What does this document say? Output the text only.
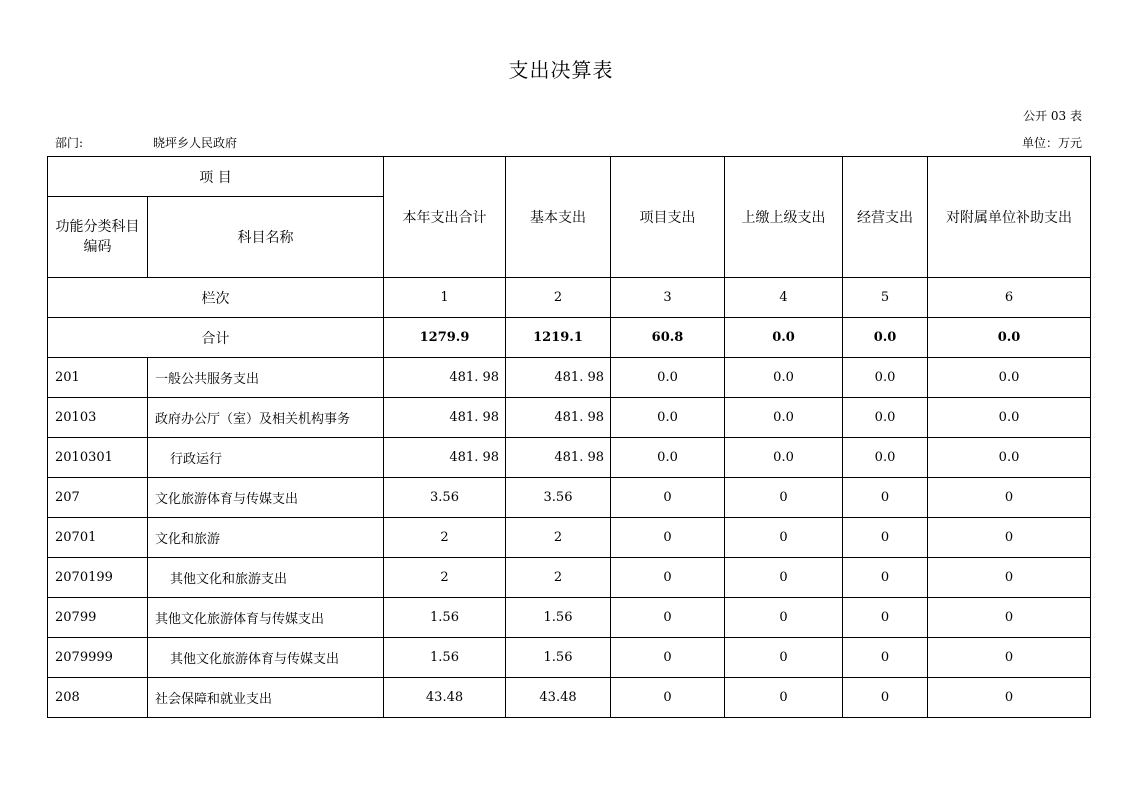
支出决算表
公开 03 表
部门:	晓坪乡人民政府	单位：万元
项 目		本年支出合计	基本支出	项目支出	上缴上级支出	经营支出	对附属单位补助支出
功能分类科目编码	科目名称						
栏次		1	2	3	4	5	6
合计		1279.9	1219.1	60.8	0.0	0.0	0.0
201	一般公共服务支出	481. 98	481. 98	0.0	0.0	0.0	0.0
20103	政府办公厅（室）及相关机构事务	481. 98	481. 98	0.0	0.0	0.0	0.0
2010301	行政运行	481. 98	481. 98	0.0	0.0	0.0	0.0
207	文化旅游体育与传媒支出	3.56	3.56	0	0	0	0
20701	文化和旅游	2	2	0	0	0	0
2070199	其他文化和旅游支出	2	2	0	0	0	0
20799	其他文化旅游体育与传媒支出	1.56	1.56	0	0	0	0
2079999	其他文化旅游体育与传媒支出	1.56	1.56	0	0	0	0
208	社会保障和就业支出	43.48	43.48	0	0	0	0
